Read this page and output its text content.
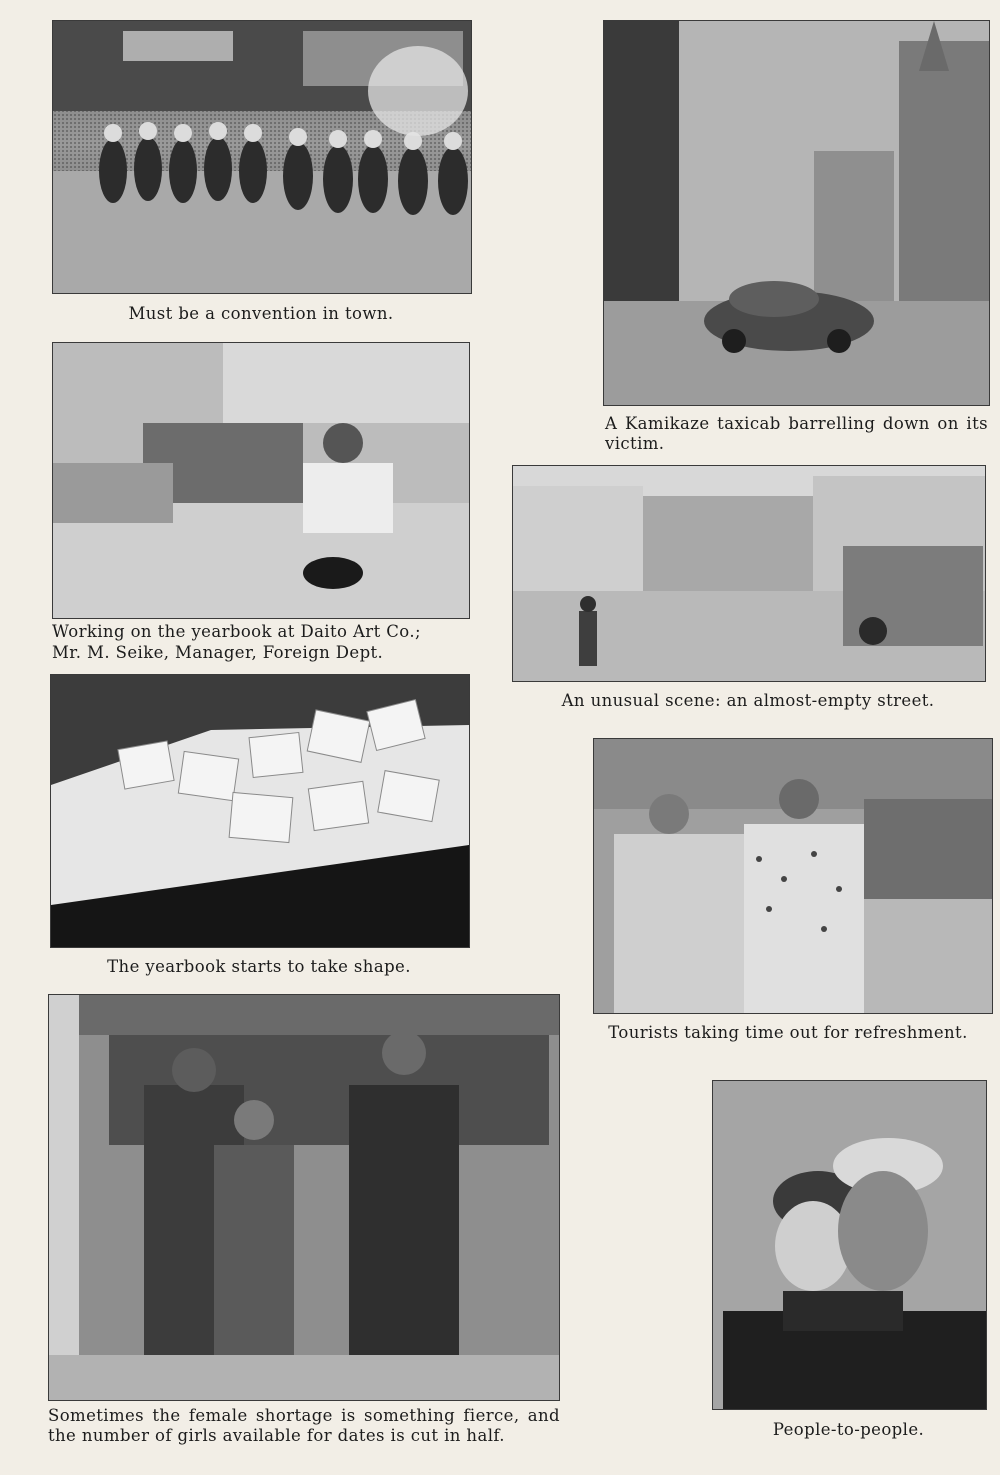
Must be a convention in town.
A Kamikaze taxicab barrelling down on its victim.
Working on the yearbook at Daito Art Co.;
Mr. M. Seike, Manager, Foreign Dept.
An unusual scene: an almost-empty street.
The yearbook starts to take shape.
Tourists taking time out for refreshment.
Sometimes the female shortage is something fierce, and the number of girls available for dates is cut in half.	People-to-people.
